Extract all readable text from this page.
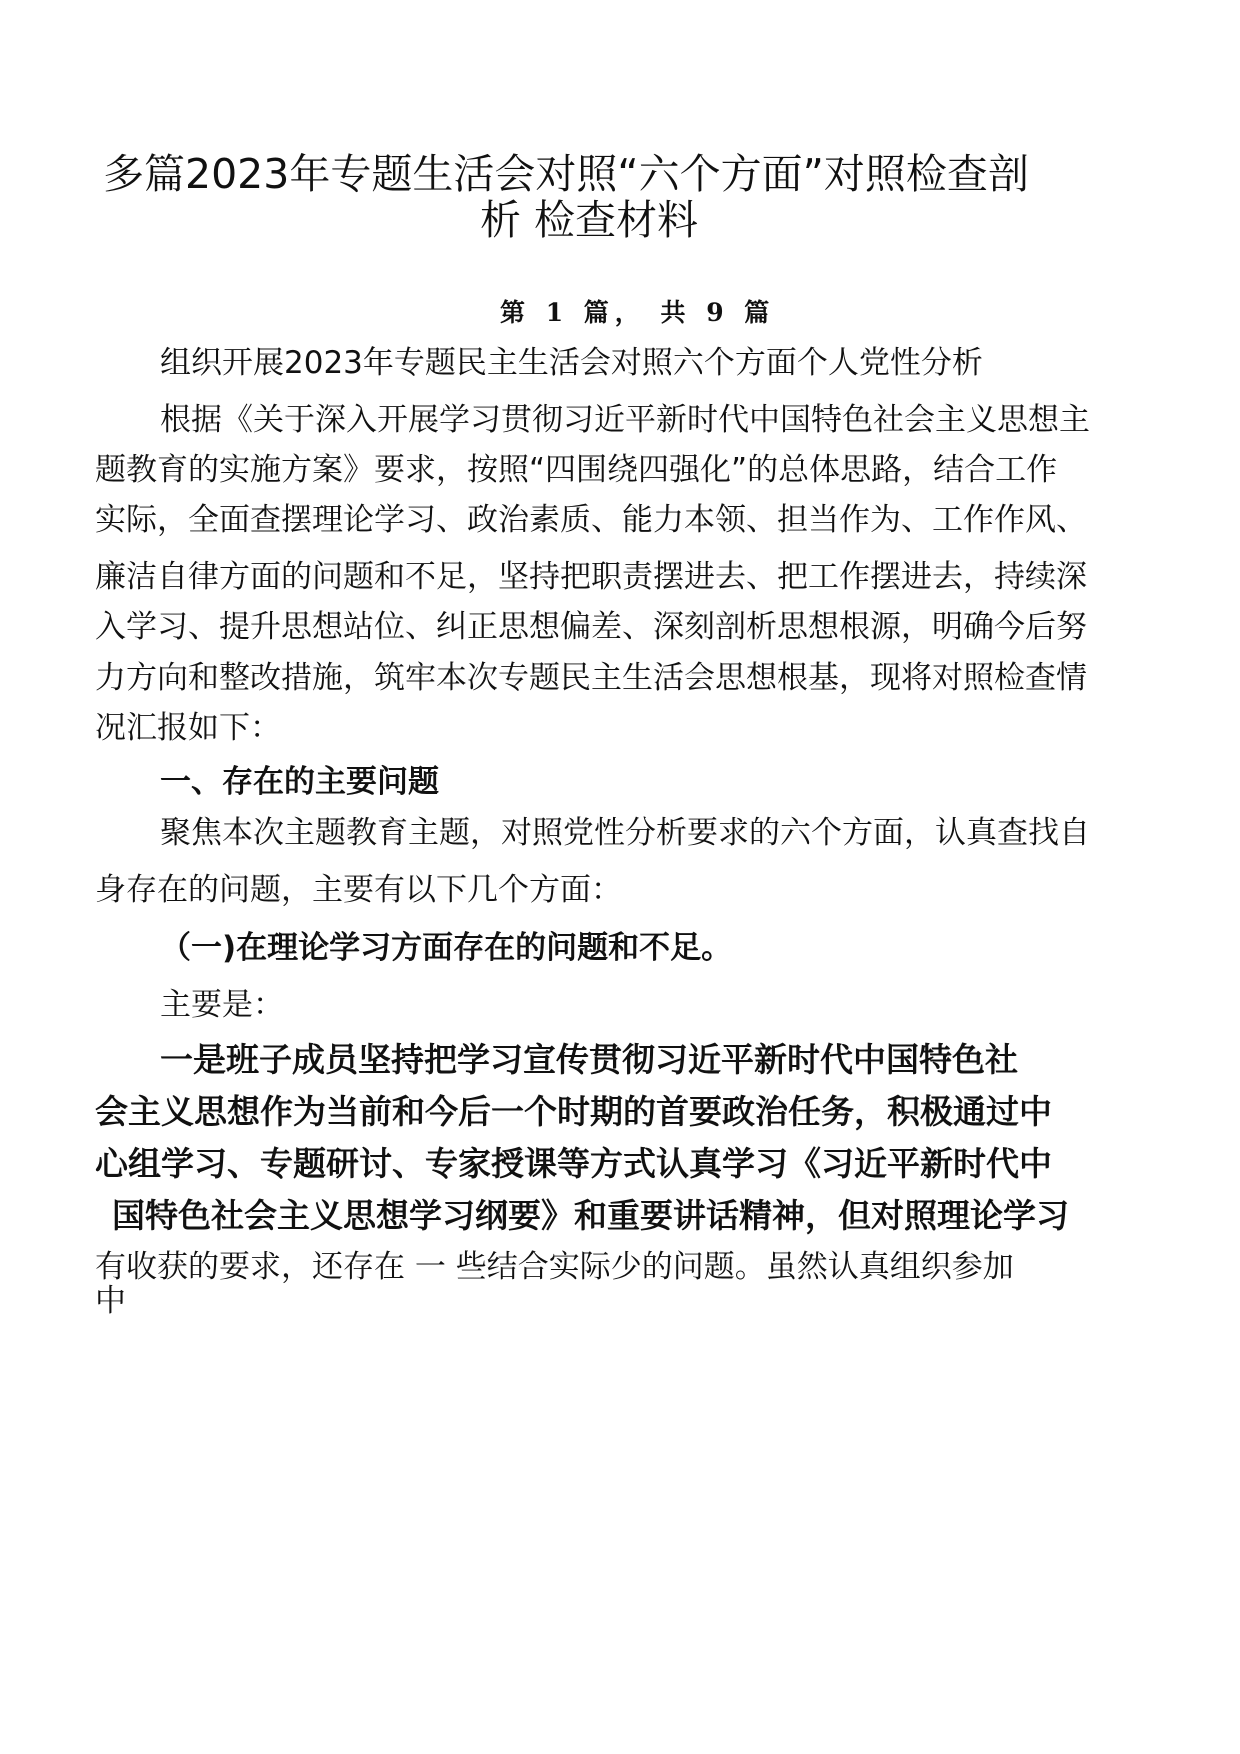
多篇2023年专题生活会对照“六个方面”对照检查剖
析 检查材料
第 1 篇， 共 9 篇
组织开展2023年专题民主生活会对照六个方面个人党性分析
根据《关于深入开展学习贯彻习近平新时代中国特色社会主义思想主
题教育的实施方案》要求，按照“四围绕四强化”的总体思路，结合工作
实际，全面查摆理论学习、政治素质、能力本领、担当作为、工作作风、
廉洁自律方面的问题和不足，坚持把职责摆进去、把工作摆进去，持续深
入学习、提升思想站位、纠正思想偏差、深刻剖析思想根源，明确今后努
力方向和整改措施，筑牢本次专题民主生活会思想根基，现将对照检查情
况汇报如下：
一、存在的主要问题
聚焦本次主题教育主题，对照党性分析要求的六个方面，认真查找自
身存在的问题，主要有以下几个方面：
（一)在理论学习方面存在的问题和不足。
主要是：
一是班子成员坚持把学习宣传贯彻习近平新时代中国特色社
会主义思想作为当前和今后一个时期的首要政治任务，积极通过中
心组学习、专题研讨、专家授课等方式认真学习《习近平新时代中
国特色社会主义思想学习纲要》和重要讲话精神，但对照理论学习
有收获的要求，还存在 一 些结合实际少的问题。虽然认真组织参加
中
